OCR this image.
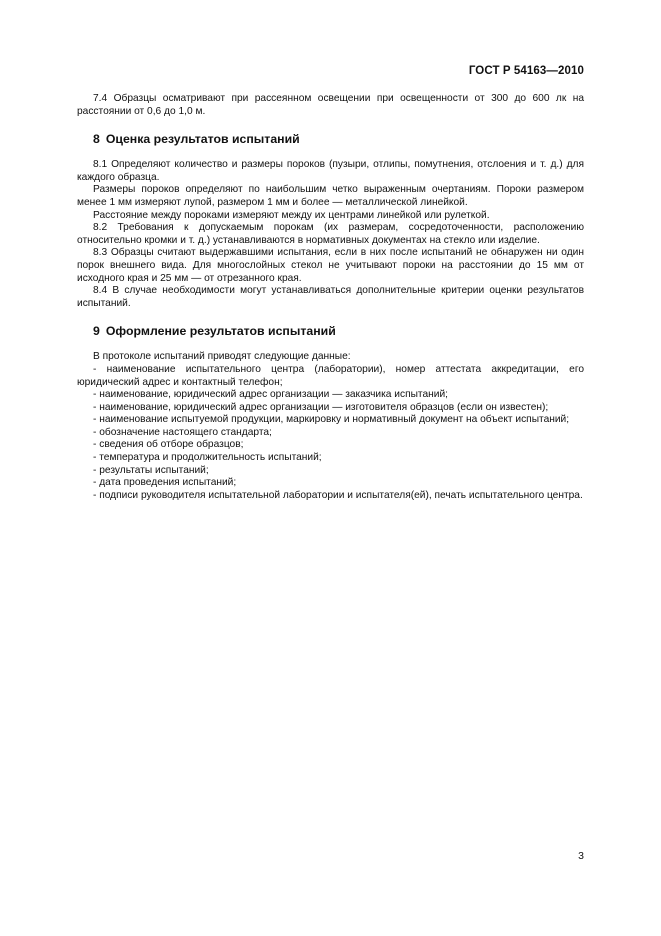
ГОСТ Р 54163—2010

7.4 Образцы осматривают при рассеянном освещении при освещенности от 300 до 600 лк на расстоянии от 0,6 до 1,0 м.

8 Оценка результатов испытаний

8.1 Определяют количество и размеры пороков (пузыри, отлипы, помутнения, отслоения и т. д.) для каждого образца.

Размеры пороков определяют по наибольшим четко выраженным очертаниям. Пороки размером менее 1 мм измеряют лупой, размером 1 мм и более — металлической линейкой.

Расстояние между пороками измеряют между их центрами линейкой или рулеткой.

8.2 Требования к допускаемым порокам (их размерам, сосредоточенности, расположению относительно кромки и т. д.) устанавливаются в нормативных документах на стекло или изделие.

8.3 Образцы считают выдержавшими испытания, если в них после испытаний не обнаружен ни один порок внешнего вида. Для многослойных стекол не учитывают пороки на расстоянии до 15 мм от исходного края и 25 мм — от отрезанного края.

8.4 В случае необходимости могут устанавливаться дополнительные критерии оценки результатов испытаний.

9 Оформление результатов испытаний

В протоколе испытаний приводят следующие данные:

- наименование испытательного центра (лаборатории), номер аттестата аккредитации, его юридический адрес и контактный телефон;
- наименование, юридический адрес организации — заказчика испытаний;
- наименование, юридический адрес организации — изготовителя образцов (если он известен);
- наименование испытуемой продукции, маркировку и нормативный документ на объект испытаний;
- обозначение настоящего стандарта;
- сведения об отборе образцов;
- температура и продолжительность испытаний;
- результаты испытаний;
- дата проведения испытаний;
- подписи руководителя испытательной лаборатории и испытателя(ей), печать испытательного центра.
3
